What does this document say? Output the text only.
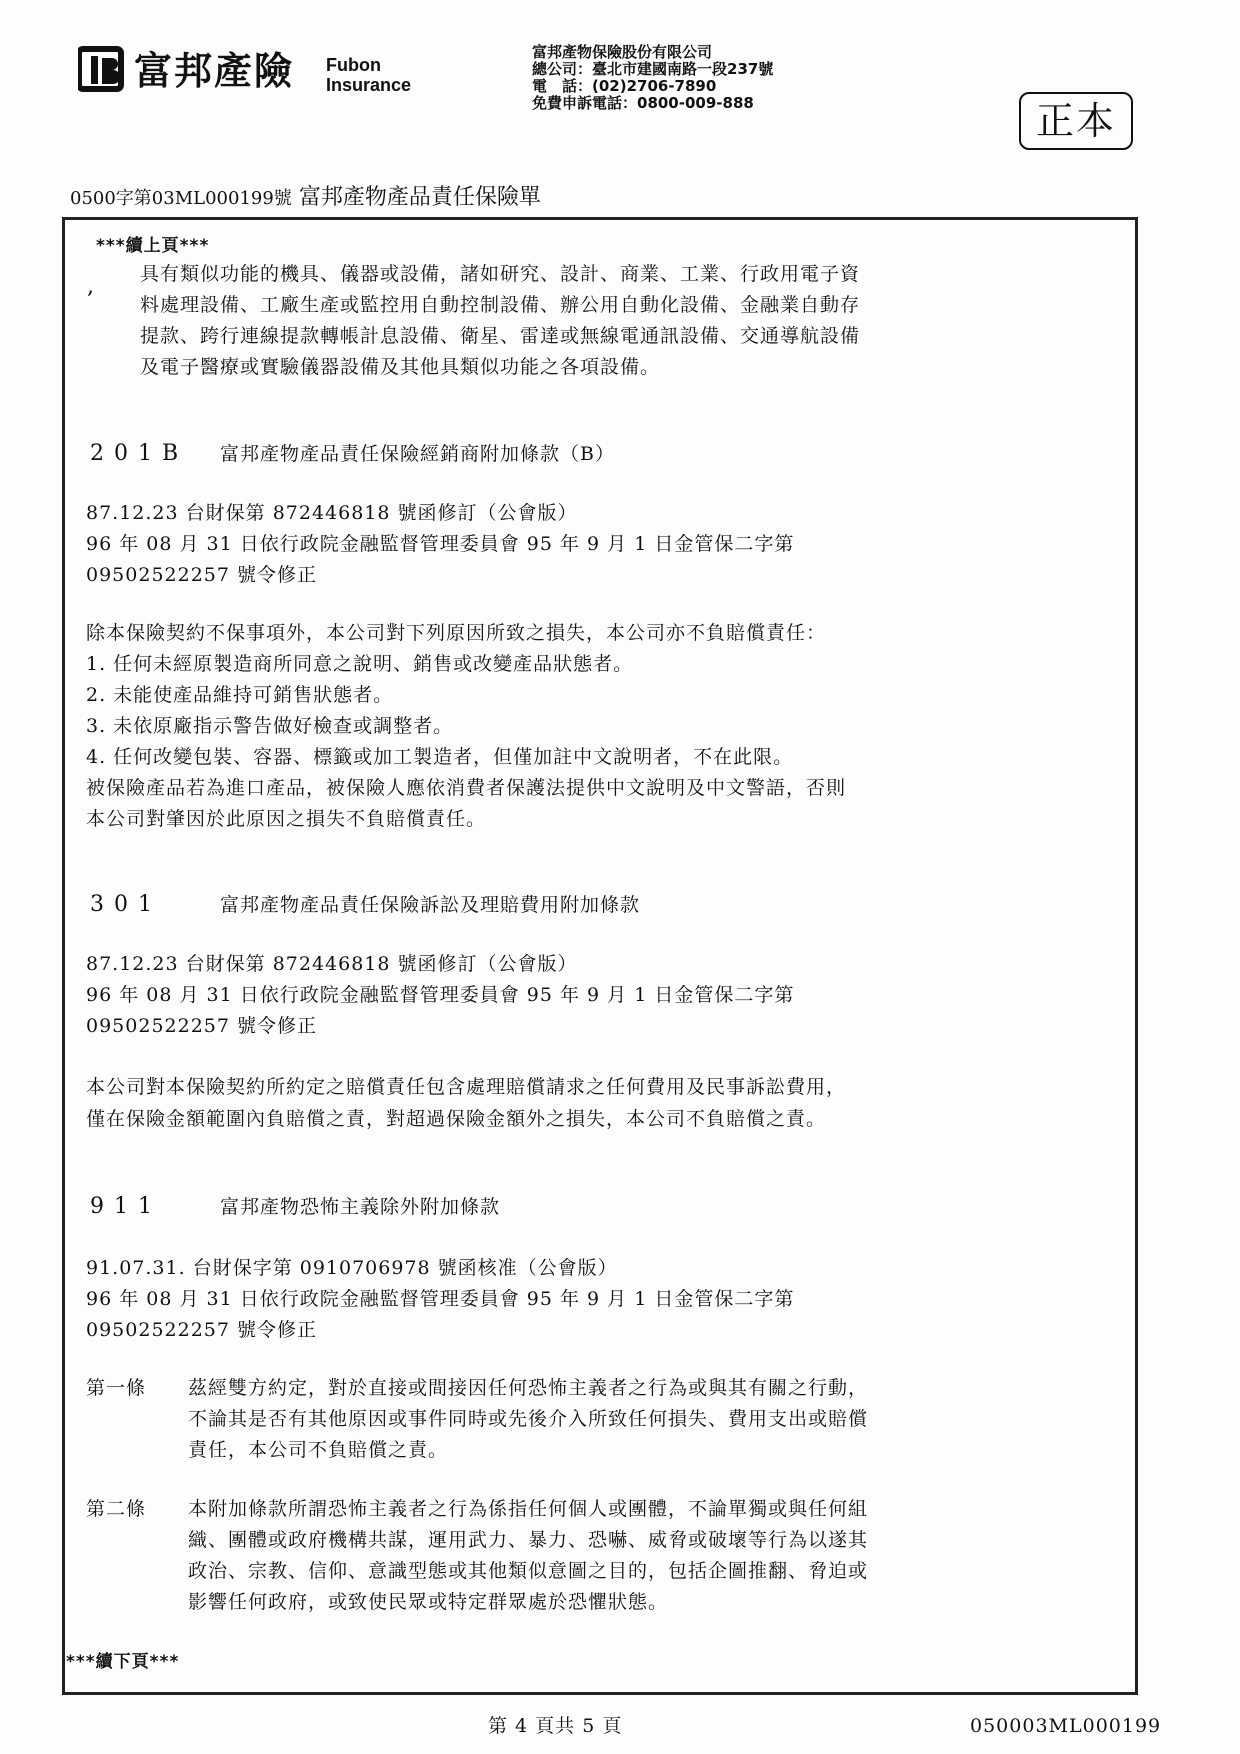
富邦產險 Fubon
Insurance
富邦產物保險股份有限公司
總公司：臺北市建國南路一段237號
電　話：(02)2706-7890
免費申訴電話：0800-009-888	正本
0500字第03ML000199號 富邦產物產品責任保險單
***續上頁***
, 具有類似功能的機具、儀器或設備，諸如研究、設計、商業、工業、行政用電子資
料處理設備、工廠生產或監控用自動控制設備、辦公用自動化設備、金融業自動存
提款、跨行連線提款轉帳計息設備、衛星、雷達或無線電通訊設備、交通導航設備
及電子醫療或實驗儀器設備及其他具類似功能之各項設備。
201B 富邦產物產品責任保險經銷商附加條款（B）
87.12.23 台財保第 872446818 號函修訂（公會版）
96 年 08 月 31 日依行政院金融監督管理委員會 95 年 9 月 1 日金管保二字第
09502522257 號令修正
除本保險契約不保事項外，本公司對下列原因所致之損失，本公司亦不負賠償責任：
1. 任何未經原製造商所同意之說明、銷售或改變產品狀態者。
2. 未能使產品維持可銷售狀態者。
3. 未依原廠指示警告做好檢查或調整者。
4. 任何改變包裝、容器、標籤或加工製造者，但僅加註中文說明者，不在此限。
被保險產品若為進口產品，被保險人應依消費者保護法提供中文說明及中文警語，否則
本公司對肇因於此原因之損失不負賠償責任。
301	富邦產物產品責任保險訴訟及理賠費用附加條款
87.12.23 台財保第 872446818 號函修訂（公會版）
96 年 08 月 31 日依行政院金融監督管理委員會 95 年 9 月 1 日金管保二字第
09502522257 號令修正
本公司對本保險契約所約定之賠償責任包含處理賠償請求之任何費用及民事訴訟費用，
僅在保險金額範圍內負賠償之責，對超過保險金額外之損失，本公司不負賠償之責。
911	富邦產物恐怖主義除外附加條款
91.07.31. 台財保字第 0910706978 號函核准（公會版）
96 年 08 月 31 日依行政院金融監督管理委員會 95 年 9 月 1 日金管保二字第
09502522257 號令修正
第一條 茲經雙方約定，對於直接或間接因任何恐怖主義者之行為或與其有關之行動，
不論其是否有其他原因或事件同時或先後介入所致任何損失、費用支出或賠償
責任，本公司不負賠償之責。
第二條 本附加條款所謂恐怖主義者之行為係指任何個人或團體，不論單獨或與任何組
織、團體或政府機構共謀，運用武力、暴力、恐嚇、威脅或破壞等行為以遂其
政治、宗教、信仰、意識型態或其他類似意圖之目的，包括企圖推翻、脅迫或
影響任何政府，或致使民眾或特定群眾處於恐懼狀態。
***續下頁***
第 4 頁共 5 頁	050003ML000199
